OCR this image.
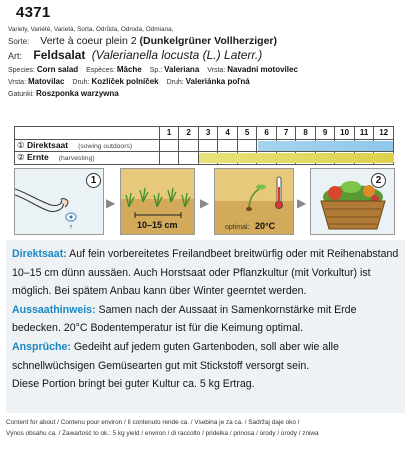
4371
Variety, Variété, Varietà, Sorta, Odrůda, Odroda, Odmiana,
Sorte: Verte à coeur plein 2 (Dunkelgrüner Vollherziger)
Art: Feldsalat (Valerianella locusta (L.) Laterr.)
Species: Corn salad Espèces: Mâche Sp.: Valeriana Vrsta: Navadni motovilec
Vrsta: Matovilac Druh: Kozlíček polníček Druh: Valeriánka poľná
Gatunki: Roszponka warzywna
	1	2	3	4	5	6	7	8	9	10	11	12
① Direktsaat (sowing outdoors)												
② Ernte (harvesting)												
1
▶
10–15 cm
▶
optimal: 20°C
▶
2

Direktsaat: Auf fein vorbereitetes Freilandbeet breitwürfig oder mit Reihenabstand 10–15 cm dünn aussäen. Auch Horstsaat oder Pflanzkultur (mit Vorkultur) ist möglich. Bei spätem Anbau kann über Winter geerntet werden.

Aussaathinweis: Samen nach der Aussaat in Samenkornstärke mit Erde bedecken. 20°C Bodentemperatur ist für die Keimung optimal.

Ansprüche: Gedeiht auf jedem guten Gartenboden, soll aber wie alle schnellwüchsigen Gemüsearten gut mit Stickstoff versorgt sein.

Diese Portion bringt bei guter Kultur ca. 5 kg Ertrag.

Content for about / Contenu pour environ / Il contenuto rende ca. / Vsebina je za ca. / Sadržaj daje oko /
Výnos obsahu ca. / Zawartość to ok.: 5 kg yield / environ / di raccolto / pridelka / prinosa / úrody / úrody / zniwa
